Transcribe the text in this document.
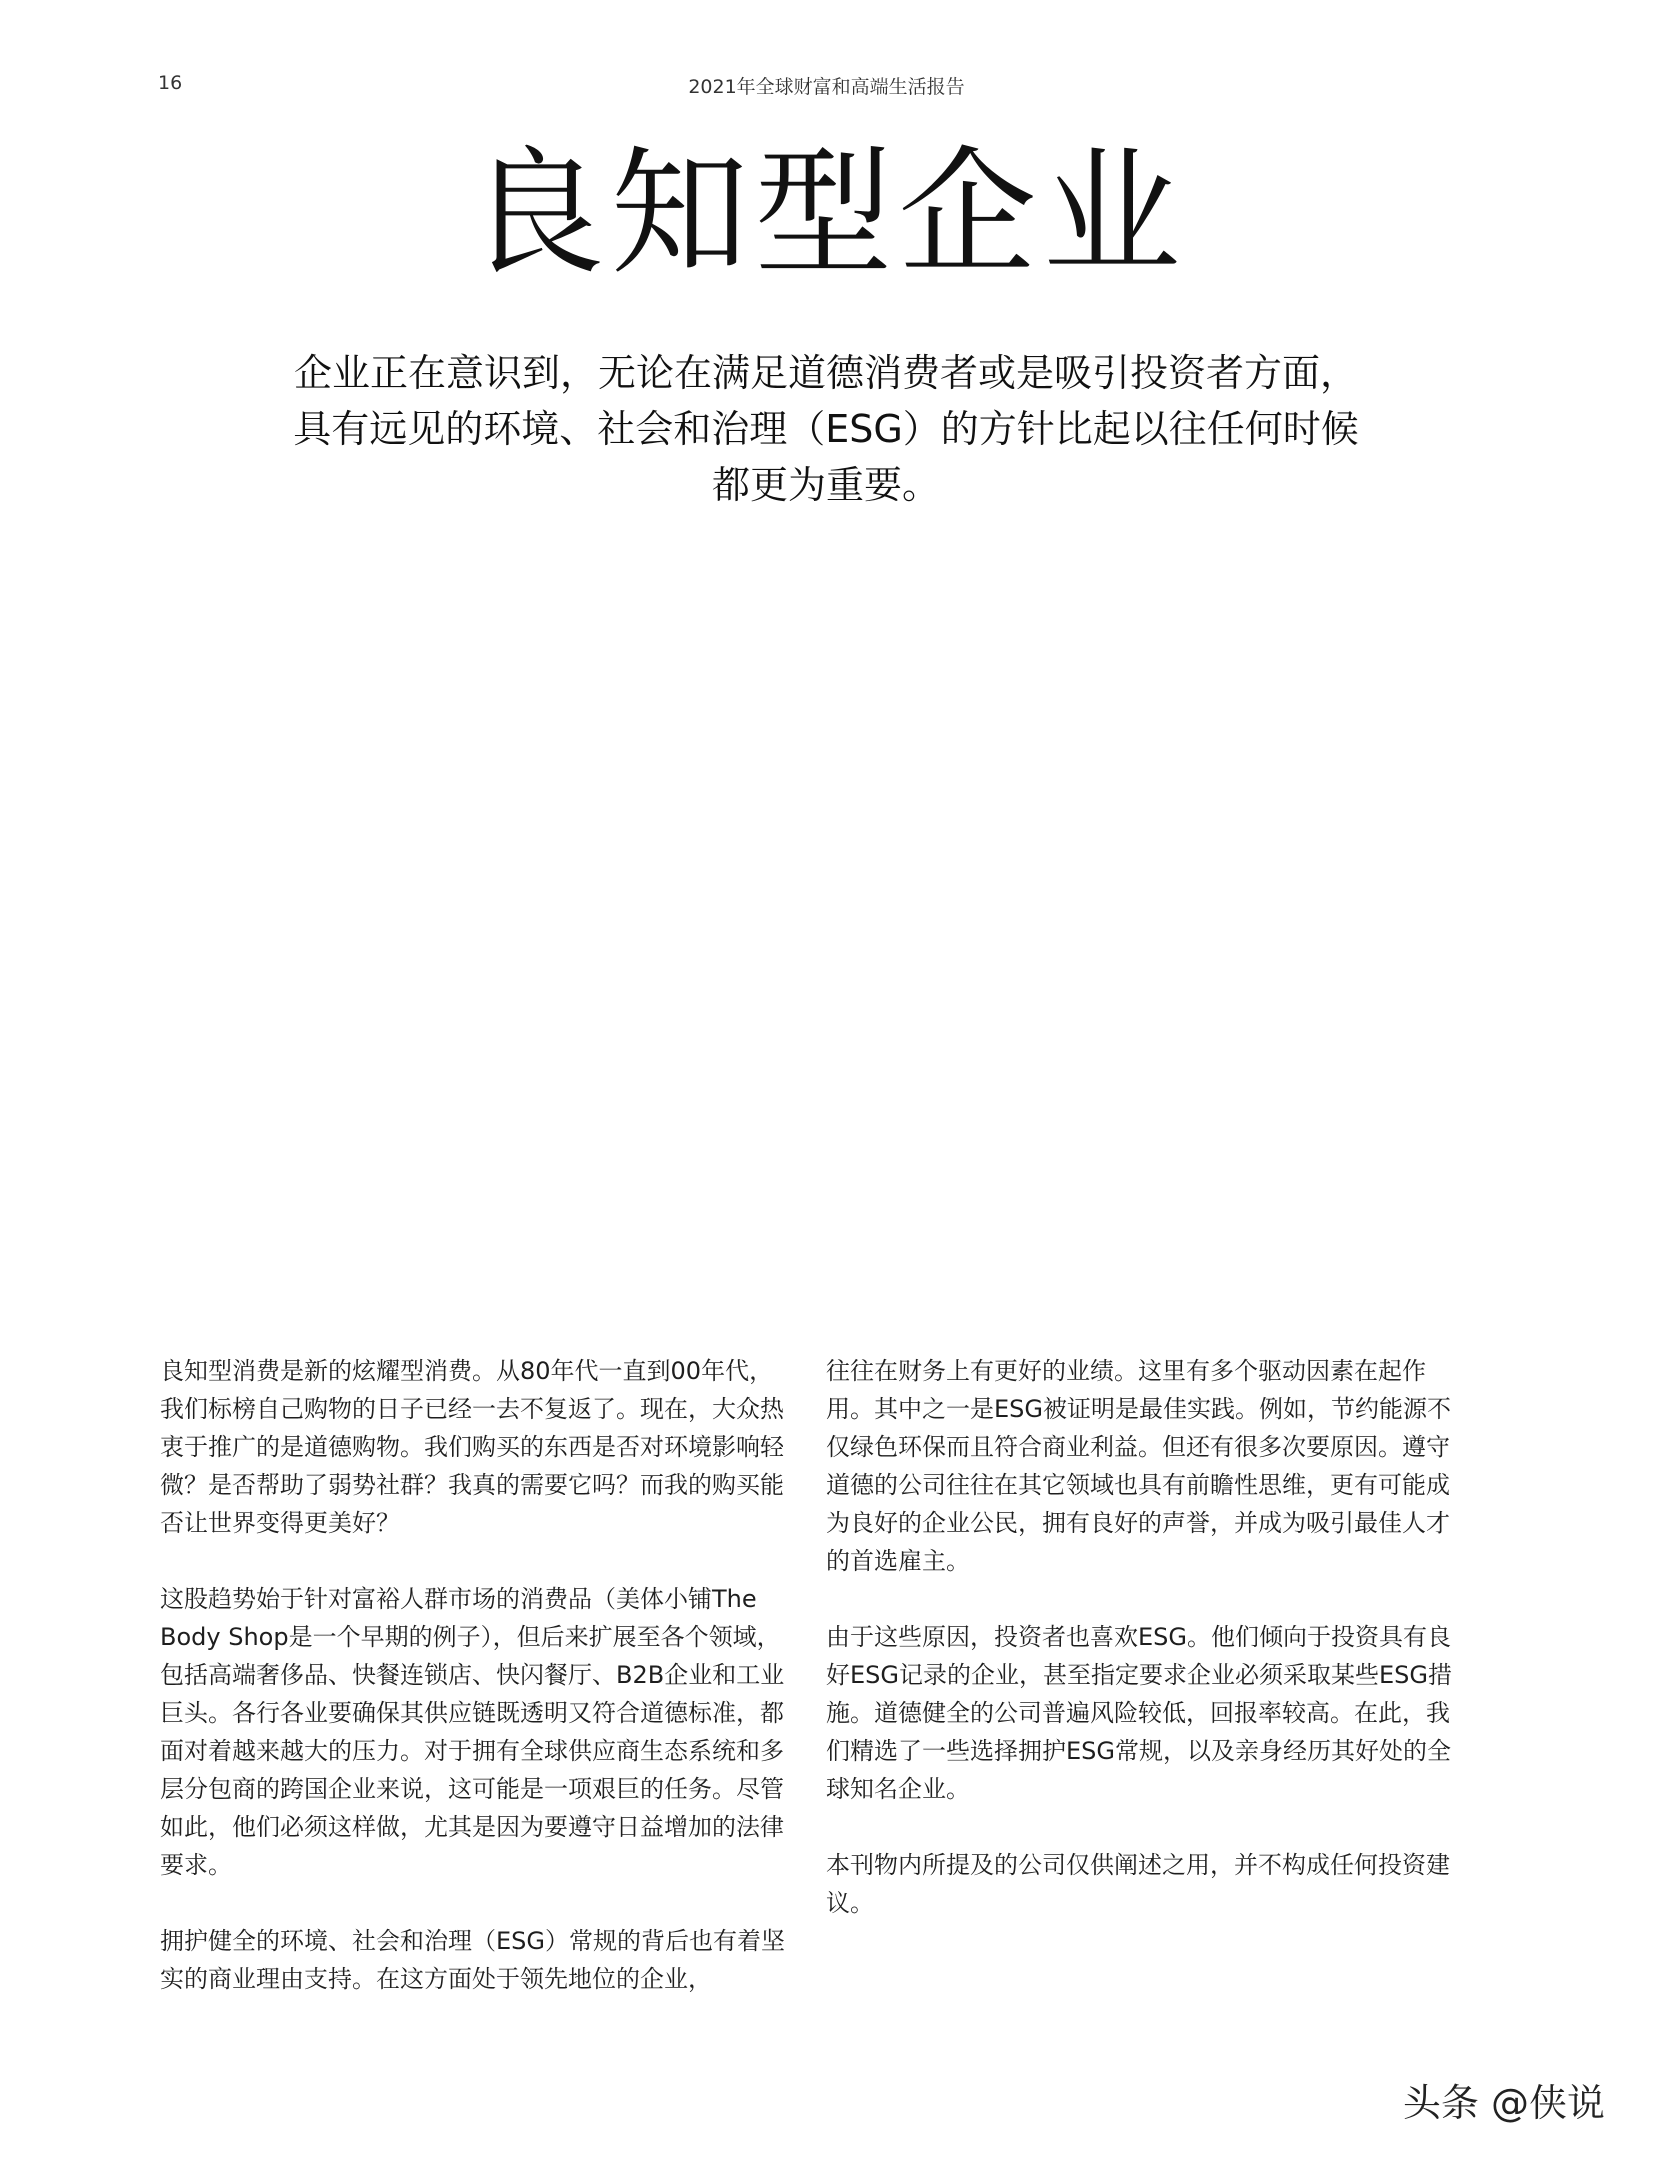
16	2021年全球财富和高端生活报告
良知型企业

企业正在意识到，无论在满足道德消费者或是吸引投资者方面，

具有远见的环境、社会和治理（ESG）的方针比起以往任何时候

都更为重要。

良知型消费是新的炫耀型消费。从80年代一直到00年代，我们标榜自己购物的日子已经一去不复返了。现在，大众热衷于推广的是道德购物。我们购买的东西是否对环境影响轻微？是否帮助了弱势社群？我真的需要它吗？而我的购买能否让世界变得更美好？

这股趋势始于针对富裕人群市场的消费品（美体小铺The Body Shop是一个早期的例子），但后来扩展至各个领域，包括高端奢侈品、快餐连锁店、快闪餐厅、B2B企业和工业巨头。各行各业要确保其供应链既透明又符合道德标准，都面对着越来越大的压力。对于拥有全球供应商生态系统和多层分包商的跨国企业来说，这可能是一项艰巨的任务。尽管如此，他们必须这样做，尤其是因为要遵守日益增加的法律要求。

拥护健全的环境、社会和治理（ESG）常规的背后也有着坚实的商业理由支持。在这方面处于领先地位的企业，

往往在财务上有更好的业绩。这里有多个驱动因素在起作用。其中之一是ESG被证明是最佳实践。例如，节约能源不仅绿色环保而且符合商业利益。但还有很多次要原因。遵守道德的公司往往在其它领域也具有前瞻性思维，更有可能成为良好的企业公民，拥有良好的声誉，并成为吸引最佳人才的首选雇主。

由于这些原因，投资者也喜欢ESG。他们倾向于投资具有良好ESG记录的企业，甚至指定要求企业必须采取某些ESG措施。道德健全的公司普遍风险较低，回报率较高。在此，我们精选了一些选择拥护ESG常规，以及亲身经历其好处的全球知名企业。

本刊物内所提及的公司仅供阐述之用，并不构成任何投资建议。

头条 @侠说
